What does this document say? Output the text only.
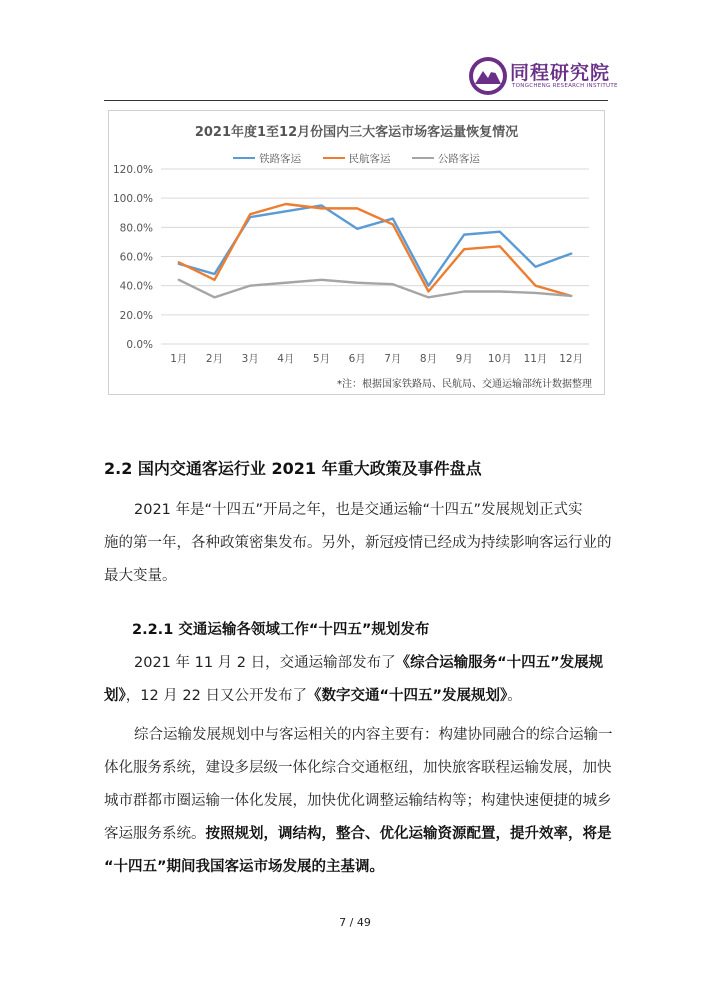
同程研究院
TONGCHENG RESEARCH INSTITUTE
2021年度1至12月份国内三大客运市场客运量恢复情况
铁路客运	民航客运	公路客运
0.0%
20.0%
40.0%
60.0%
80.0%
100.0%
120.0%
1月 2月 3月 4月 5月 6月 7月 8月 9月 10月 11月 12月
*注：根据国家铁路局、民航局、交通运输部统计数据整理
2.2 国内交通客运行业 2021 年重大政策及事件盘点
2021 年是“十四五”开局之年，也是交通运输“十四五”发展规划正式实
施的第一年，各种政策密集发布。另外，新冠疫情已经成为持续影响客运行业的
最大变量。
2.2.1 交通运输各领域工作“十四五”规划发布
2021 年 11 月 2 日，交通运输部发布了《综合运输服务“十四五”发展规
划》，12 月 22 日又公开发布了《数字交通“十四五”发展规划》。
综合运输发展规划中与客运相关的内容主要有：构建协同融合的综合运输一
体化服务系统，建设多层级一体化综合交通枢纽，加快旅客联程运输发展，加快
城市群都市圈运输一体化发展，加快优化调整运输结构等；构建快速便捷的城乡
客运服务系统。按照规划，调结构，整合、优化运输资源配置，提升效率，将是
“十四五”期间我国客运市场发展的主基调。
7 / 49
